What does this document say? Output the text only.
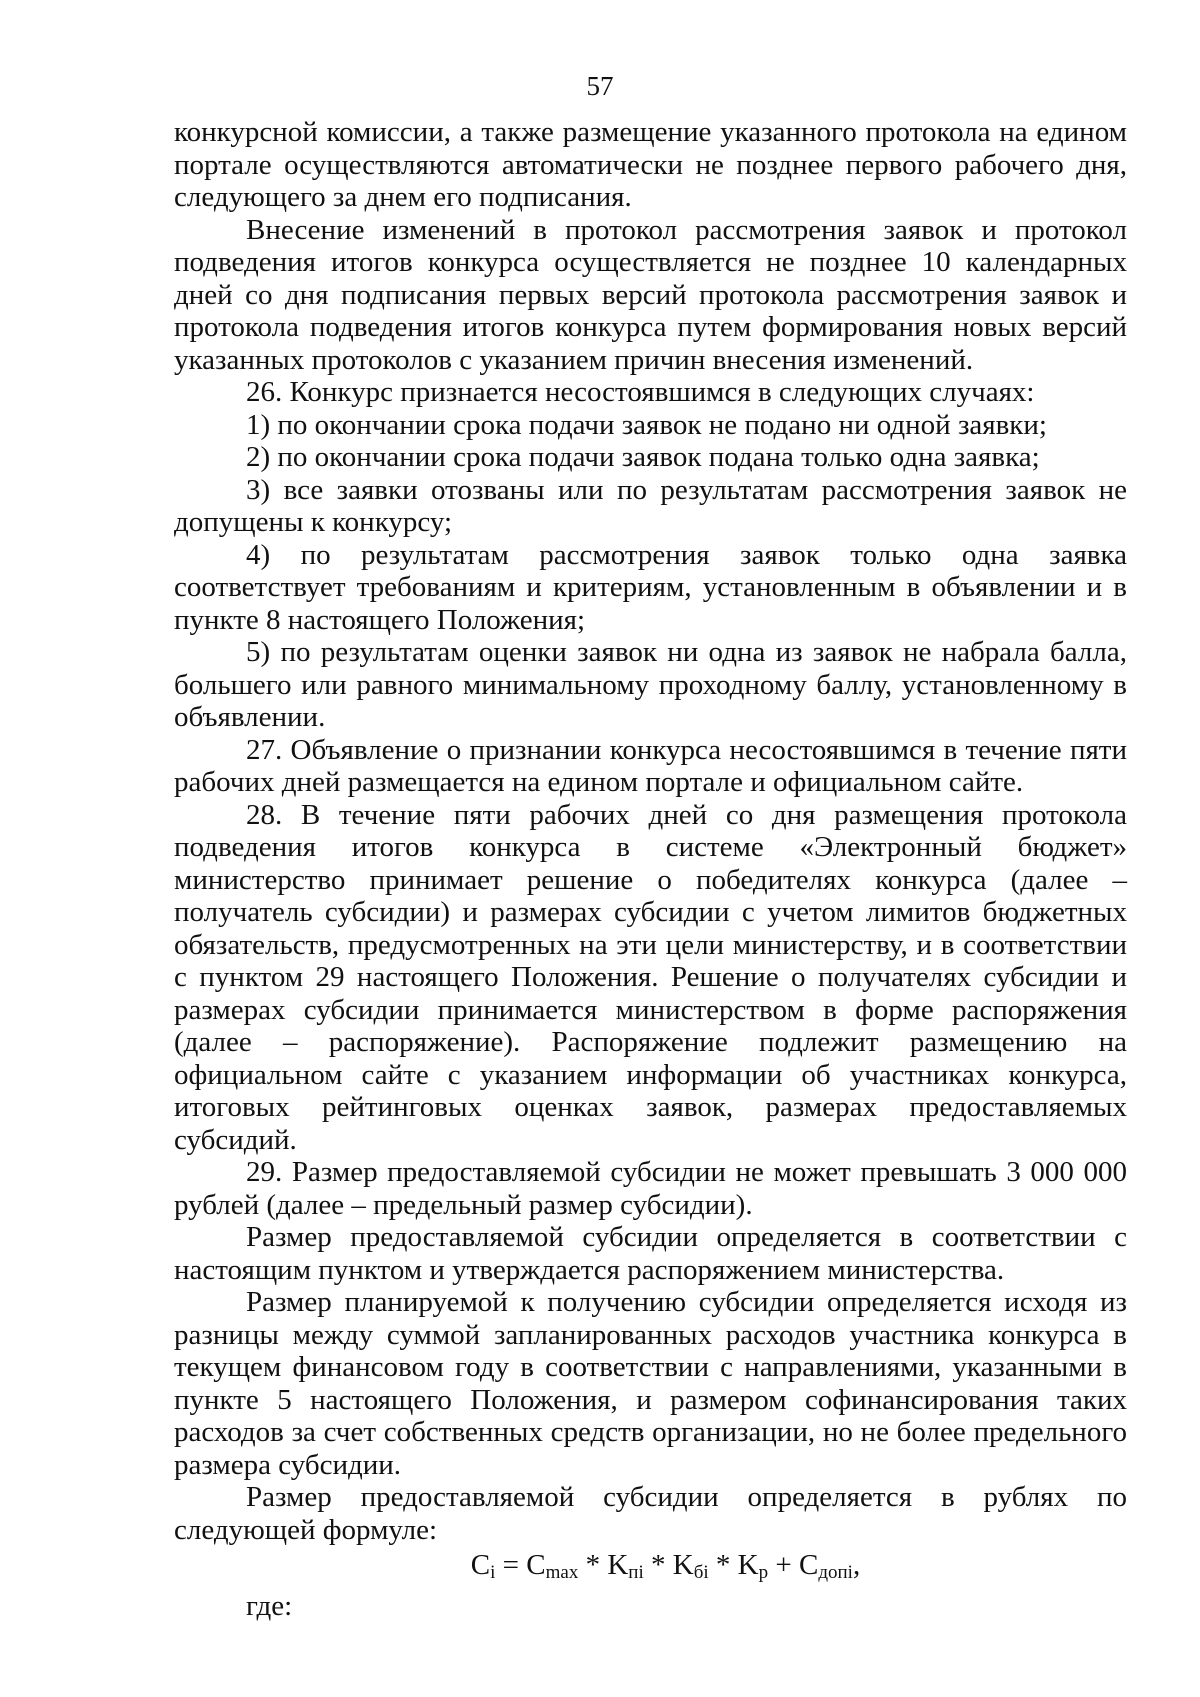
57

конкурсной комиссии, а также размещение указанного протокола на едином портале осуществляются автоматически не позднее первого рабочего дня, следующего за днем его подписания.

Внесение изменений в протокол рассмотрения заявок и протокол подведения итогов конкурса осуществляется не позднее 10 календарных дней со дня подписания первых версий протокола рассмотрения заявок и протокола подведения итогов конкурса путем формирования новых версий указанных протоколов с указанием причин внесения изменений.

26. Конкурс признается несостоявшимся в следующих случаях:

1) по окончании срока подачи заявок не подано ни одной заявки;

2) по окончании срока подачи заявок подана только одна заявка;

3) все заявки отозваны или по результатам рассмотрения заявок не допущены к конкурсу;

4) по результатам рассмотрения заявок только одна заявка соответствует требованиям и критериям, установленным в объявлении и в пункте 8 настоящего Положения;

5) по результатам оценки заявок ни одна из заявок не набрала балла, большего или равного минимальному проходному баллу, установленному в объявлении.

27. Объявление о признании конкурса несостоявшимся в течение пяти рабочих дней размещается на едином портале и официальном сайте.

28. В течение пяти рабочих дней со дня размещения протокола подведения итогов конкурса в системе «Электронный бюджет» министерство принимает решение о победителях конкурса (далее – получатель субсидии) и размерах субсидии с учетом лимитов бюджетных обязательств, предусмотренных на эти цели министерству, и в соответствии с пунктом 29 настоящего Положения. Решение о получателях субсидии и размерах субсидии принимается министерством в форме распоряжения (далее – распоряжение). Распоряжение подлежит размещению на официальном сайте с указанием информации об участниках конкурса, итоговых рейтинговых оценках заявок, размерах предоставляемых субсидий.

29. Размер предоставляемой субсидии не может превышать 3 000 000 рублей (далее – предельный размер субсидии).

Размер предоставляемой субсидии определяется в соответствии с настоящим пунктом и утверждается распоряжением министерства.

Размер планируемой к получению субсидии определяется исходя из разницы между суммой запланированных расходов участника конкурса в текущем финансовом году в соответствии с направлениями, указанными в пункте 5 настоящего Положения, и размером софинансирования таких расходов за счет собственных средств организации, но не более предельного размера субсидии.

Размер предоставляемой субсидии определяется в рублях по следующей формуле:

$C_i = C_{max} * K_{пi} * K_{бi} * K_р + C_{допi}$,

где:
